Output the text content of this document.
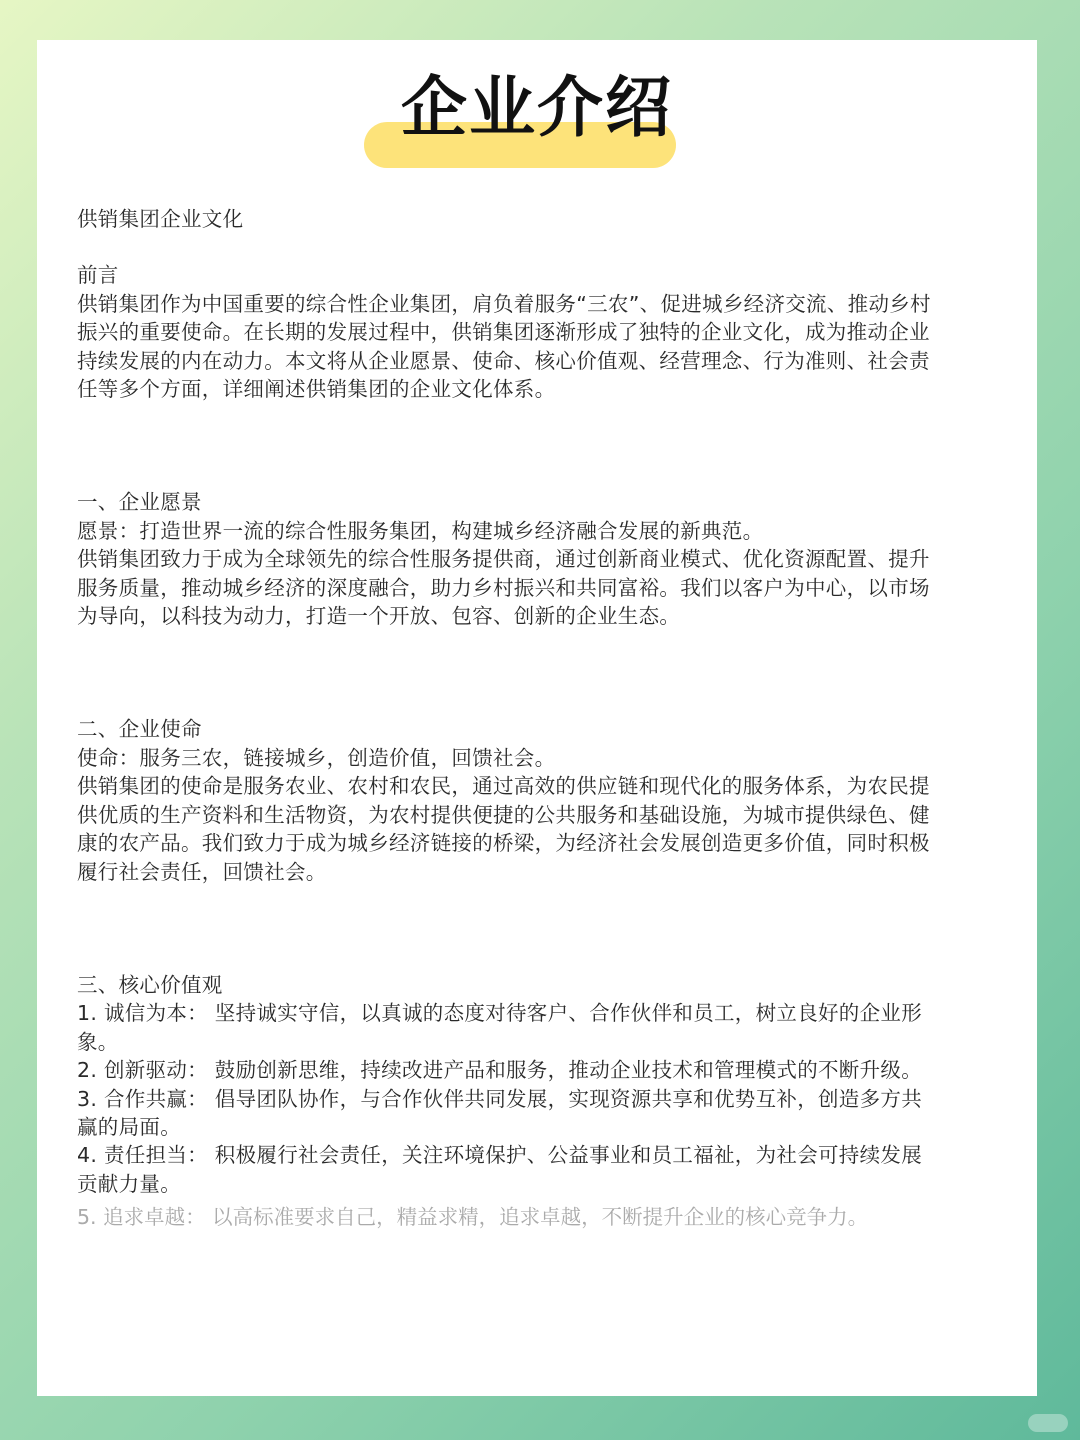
企业介绍

供销集团企业文化

前言

供销集团作为中国重要的综合性企业集团，肩负着服务“三农”、促进城乡经济交流、推动乡村振兴的重要使命。在长期的发展过程中，供销集团逐渐形成了独特的企业文化，成为推动企业持续发展的内在动力。本文将从企业愿景、使命、核心价值观、经营理念、行为准则、社会责任等多个方面，详细阐述供销集团的企业文化体系。

一、企业愿景

愿景：打造世界一流的综合性服务集团，构建城乡经济融合发展的新典范。

供销集团致力于成为全球领先的综合性服务提供商，通过创新商业模式、优化资源配置、提升服务质量，推动城乡经济的深度融合，助力乡村振兴和共同富裕。我们以客户为中心，以市场为导向，以科技为动力，打造一个开放、包容、创新的企业生态。

二、企业使命

使命：服务三农，链接城乡，创造价值，回馈社会。

供销集团的使命是服务农业、农村和农民，通过高效的供应链和现代化的服务体系，为农民提供优质的生产资料和生活物资，为农村提供便捷的公共服务和基础设施，为城市提供绿色、健康的农产品。我们致力于成为城乡经济链接的桥梁，为经济社会发展创造更多价值，同时积极履行社会责任，回馈社会。

三、核心价值观

1. 诚信为本： 坚持诚实守信，以真诚的态度对待客户、合作伙伴和员工，树立良好的企业形象。

2. 创新驱动： 鼓励创新思维，持续改进产品和服务，推动企业技术和管理模式的不断升级。

3. 合作共赢： 倡导团队协作，与合作伙伴共同发展，实现资源共享和优势互补，创造多方共赢的局面。

4. 责任担当： 积极履行社会责任，关注环境保护、公益事业和员工福祉，为社会可持续发展贡献力量。

5. 追求卓越： 以高标准要求自己，精益求精，追求卓越，不断提升企业的核心竞争力。
